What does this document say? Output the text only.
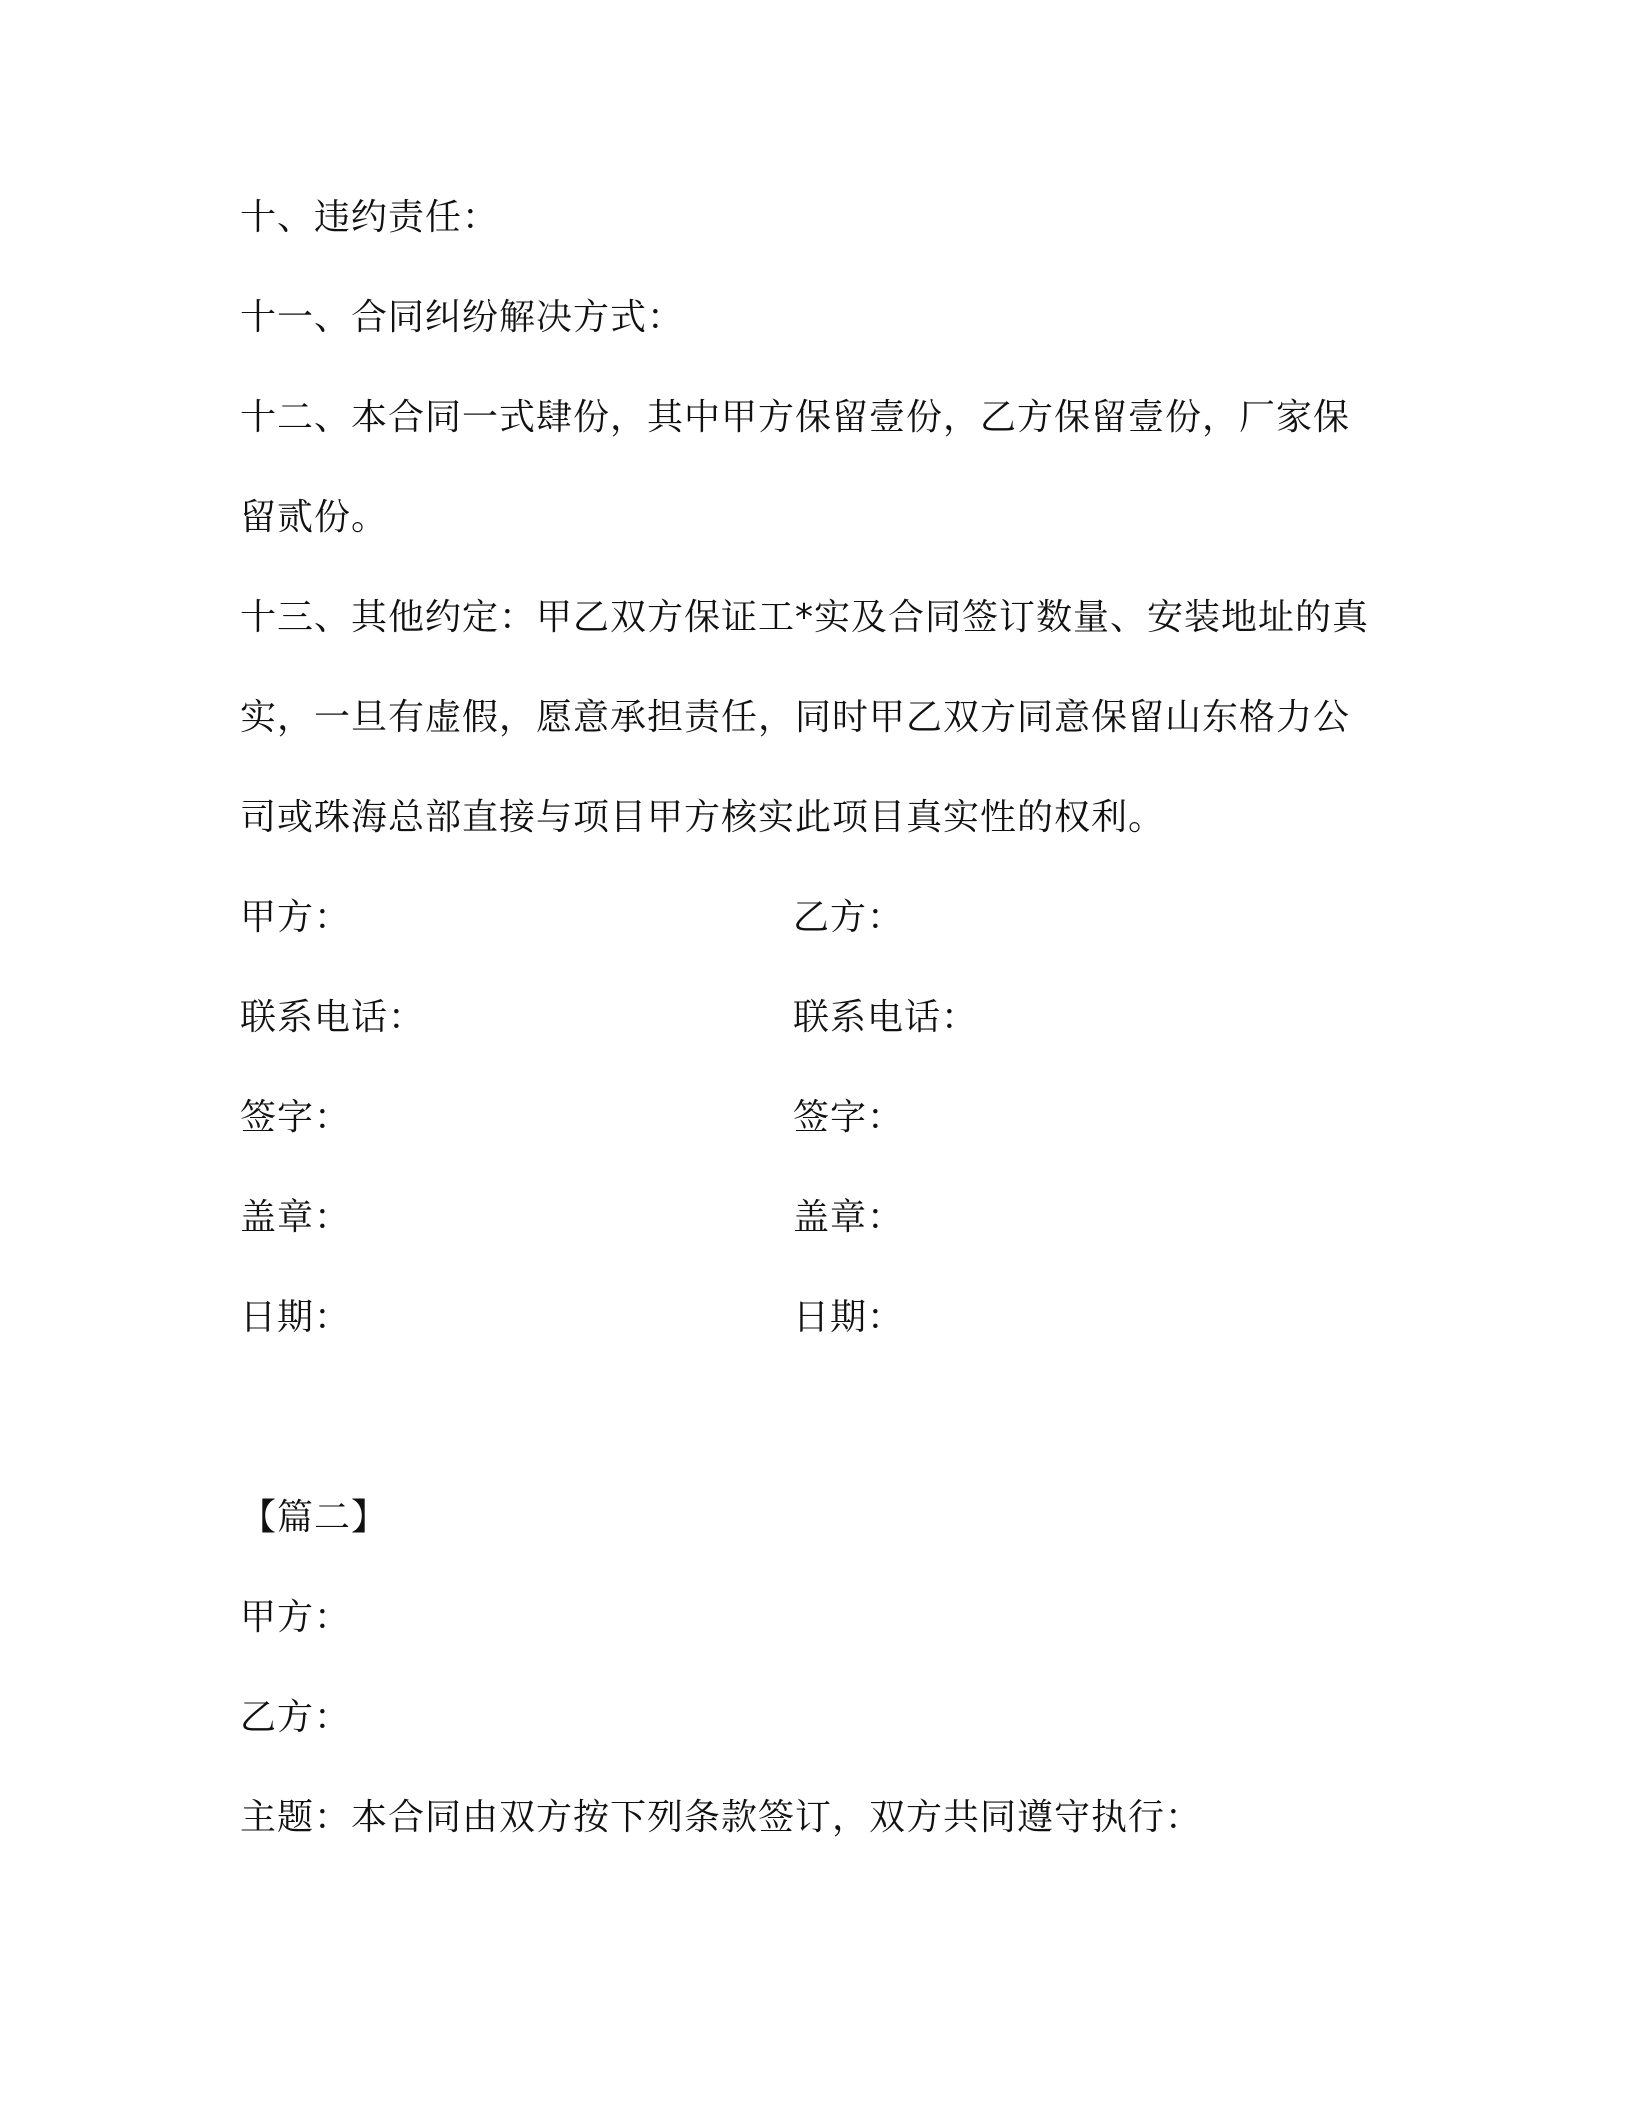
十、违约责任：
十一、合同纠纷解决方式：
十二、本合同一式肆份，其中甲方保留壹份，乙方保留壹份，厂家保
留贰份。
十三、其他约定：甲乙双方保证工*实及合同签订数量、安装地址的真
实，一旦有虚假，愿意承担责任，同时甲乙双方同意保留山东格力公
司或珠海总部直接与项目甲方核实此项目真实性的权利。
甲方：	乙方：
联系电话：	联系电话：
签字：	签字：
盖章：	盖章：
日期：	日期：
【篇二】
甲方：
乙方：
主题：本合同由双方按下列条款签订，双方共同遵守执行：
